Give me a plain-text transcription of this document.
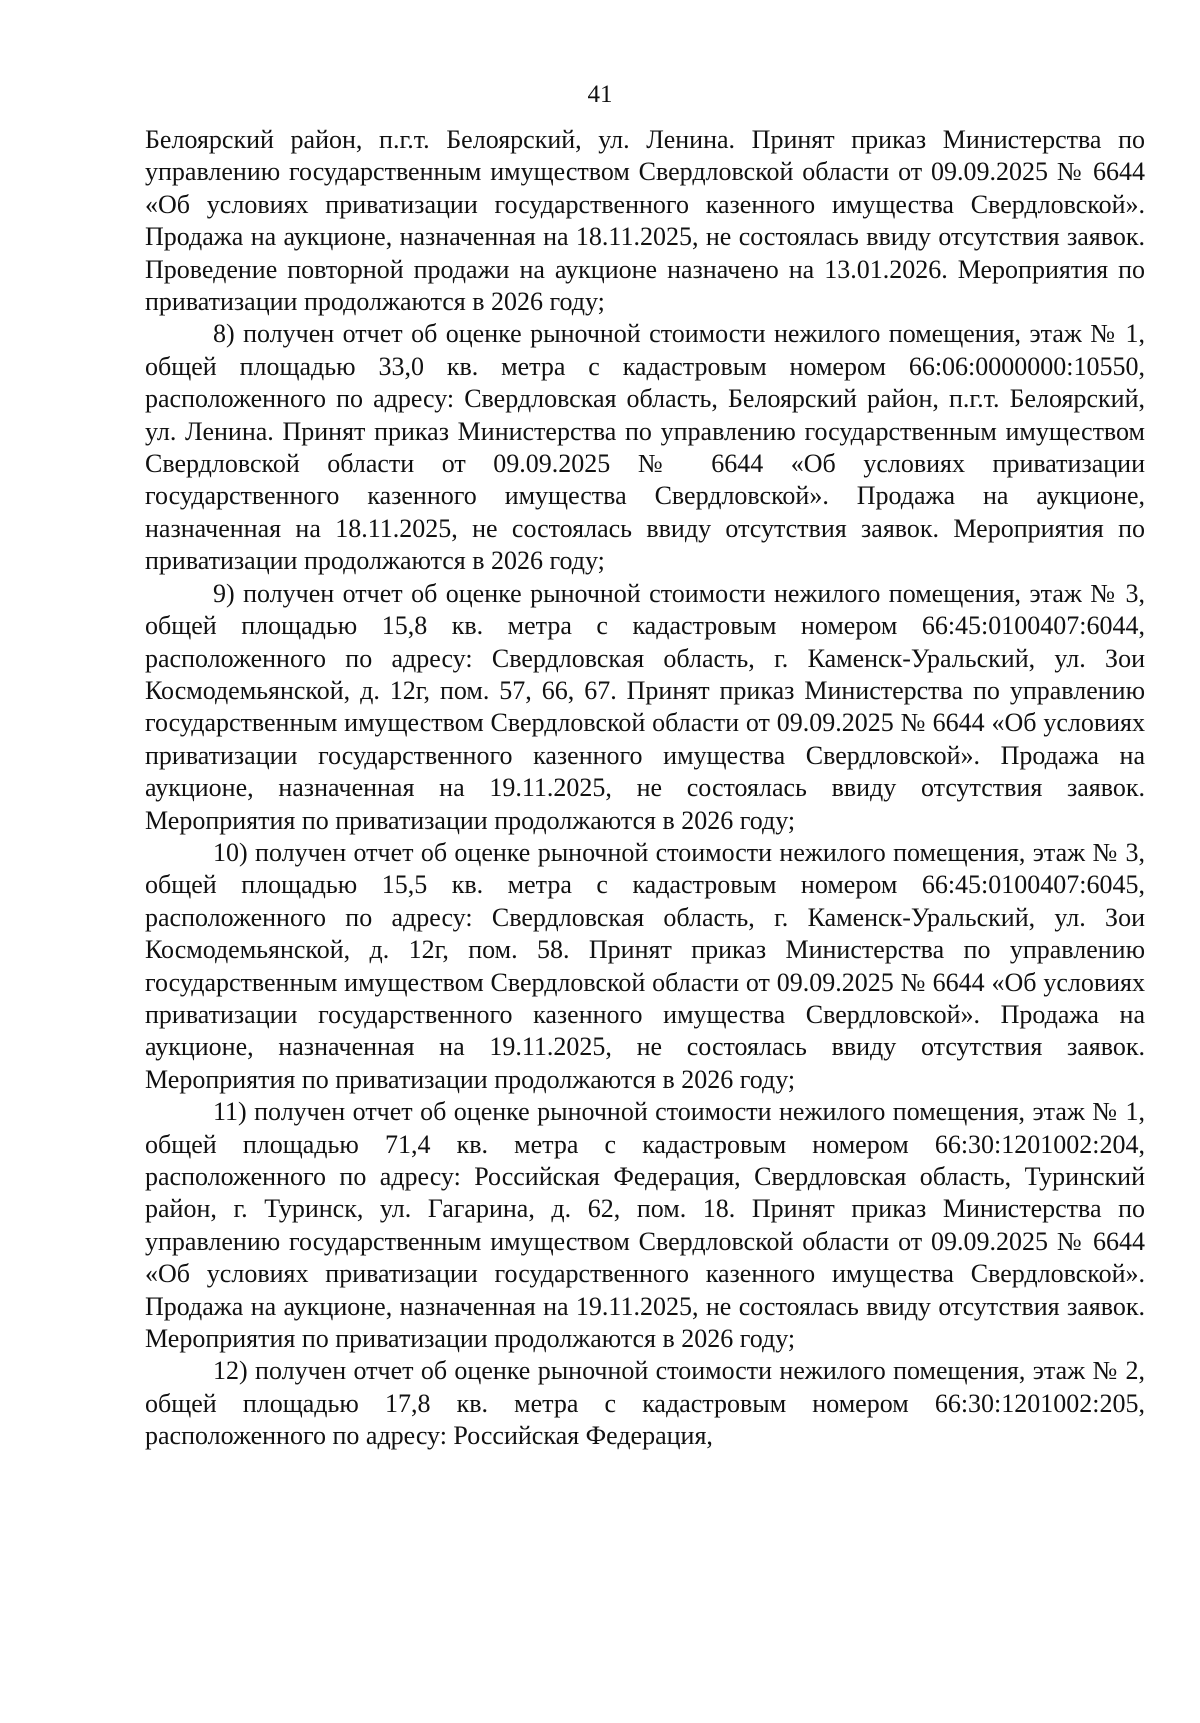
41

Белоярский район, п.г.т. Белоярский, ул. Ленина. Принят приказ Министерства по управлению государственным имуществом Свердловской области от 09.09.2025 № 6644 «Об условиях приватизации государственного казенного имущества Свердловской». Продажа на аукционе, назначенная на 18.11.2025, не состоялась ввиду отсутствия заявок. Проведение повторной продажи на аукционе назначено на 13.01.2026. Мероприятия по приватизации продолжаются в 2026 году;

8) получен отчет об оценке рыночной стоимости нежилого помещения, этаж № 1, общей площадью 33,0 кв. метра с кадастровым номером 66:06:0000000:10550, расположенного по адресу: Свердловская область, Белоярский район, п.г.т. Белоярский, ул. Ленина. Принят приказ Министерства по управлению государственным имуществом Свердловской области от 09.09.2025 № 6644 «Об условиях приватизации государственного казенного имущества Свердловской». Продажа на аукционе, назначенная на 18.11.2025, не состоялась ввиду отсутствия заявок. Мероприятия по приватизации продолжаются в 2026 году;

9) получен отчет об оценке рыночной стоимости нежилого помещения, этаж № 3, общей площадью 15,8 кв. метра с кадастровым номером 66:45:0100407:6044, расположенного по адресу: Свердловская область, г. Каменск-Уральский, ул. Зои Космодемьянской, д. 12г, пом. 57, 66, 67. Принят приказ Министерства по управлению государственным имуществом Свердловской области от 09.09.2025 № 6644 «Об условиях приватизации государственного казенного имущества Свердловской». Продажа на аукционе, назначенная на 19.11.2025, не состоялась ввиду отсутствия заявок. Мероприятия по приватизации продолжаются в 2026 году;

10) получен отчет об оценке рыночной стоимости нежилого помещения, этаж № 3, общей площадью 15,5 кв. метра с кадастровым номером 66:45:0100407:6045, расположенного по адресу: Свердловская область, г. Каменск-Уральский, ул. Зои Космодемьянской, д. 12г, пом. 58. Принят приказ Министерства по управлению государственным имуществом Свердловской области от 09.09.2025 № 6644 «Об условиях приватизации государственного казенного имущества Свердловской». Продажа на аукционе, назначенная на 19.11.2025, не состоялась ввиду отсутствия заявок. Мероприятия по приватизации продолжаются в 2026 году;

11) получен отчет об оценке рыночной стоимости нежилого помещения, этаж № 1, общей площадью 71,4 кв. метра с кадастровым номером 66:30:1201002:204, расположенного по адресу: Российская Федерация, Свердловская область, Туринский район, г. Туринск, ул. Гагарина, д. 62, пом. 18. Принят приказ Министерства по управлению государственным имуществом Свердловской области от 09.09.2025 № 6644 «Об условиях приватизации государственного казенного имущества Свердловской». Продажа на аукционе, назначенная на 19.11.2025, не состоялась ввиду отсутствия заявок. Мероприятия по приватизации продолжаются в 2026 году;

12) получен отчет об оценке рыночной стоимости нежилого помещения, этаж № 2, общей площадью 17,8 кв. метра с кадастровым номером 66:30:1201002:205, расположенного по адресу: Российская Федерация,
